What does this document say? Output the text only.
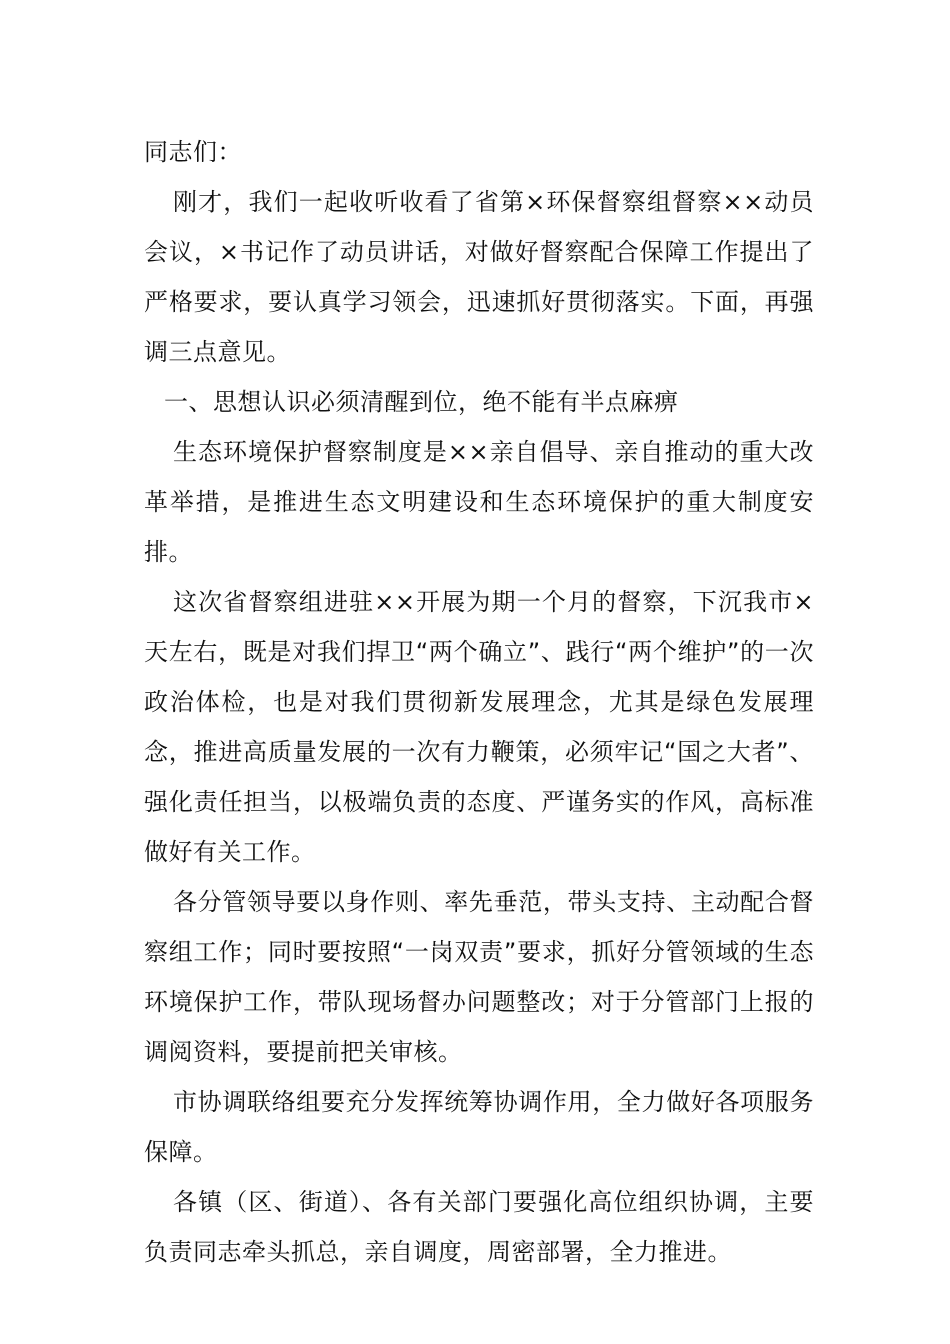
同志们：

刚才，我们一起收听收看了省第×环保督察组督察××动员会议，×书记作了动员讲话，对做好督察配合保障工作提出了严格要求，要认真学习领会，迅速抓好贯彻落实。下面，再强调三点意见。

一、思想认识必须清醒到位，绝不能有半点麻痹

生态环境保护督察制度是××亲自倡导、亲自推动的重大改革举措，是推进生态文明建设和生态环境保护的重大制度安排。

这次省督察组进驻××开展为期一个月的督察，下沉我市×天左右，既是对我们捍卫“两个确立”、践行“两个维护”的一次政治体检，也是对我们贯彻新发展理念，尤其是绿色发展理念，推进高质量发展的一次有力鞭策，必须牢记“国之大者”、强化责任担当，以极端负责的态度、严谨务实的作风，高标准做好有关工作。

各分管领导要以身作则、率先垂范，带头支持、主动配合督察组工作；同时要按照“一岗双责”要求，抓好分管领域的生态环境保护工作，带队现场督办问题整改；对于分管部门上报的调阅资料，要提前把关审核。

市协调联络组要充分发挥统筹协调作用，全力做好各项服务保障。

各镇（区、街道）、各有关部门要强化高位组织协调，主要负责同志牵头抓总，亲自调度，周密部署，全力推进。
